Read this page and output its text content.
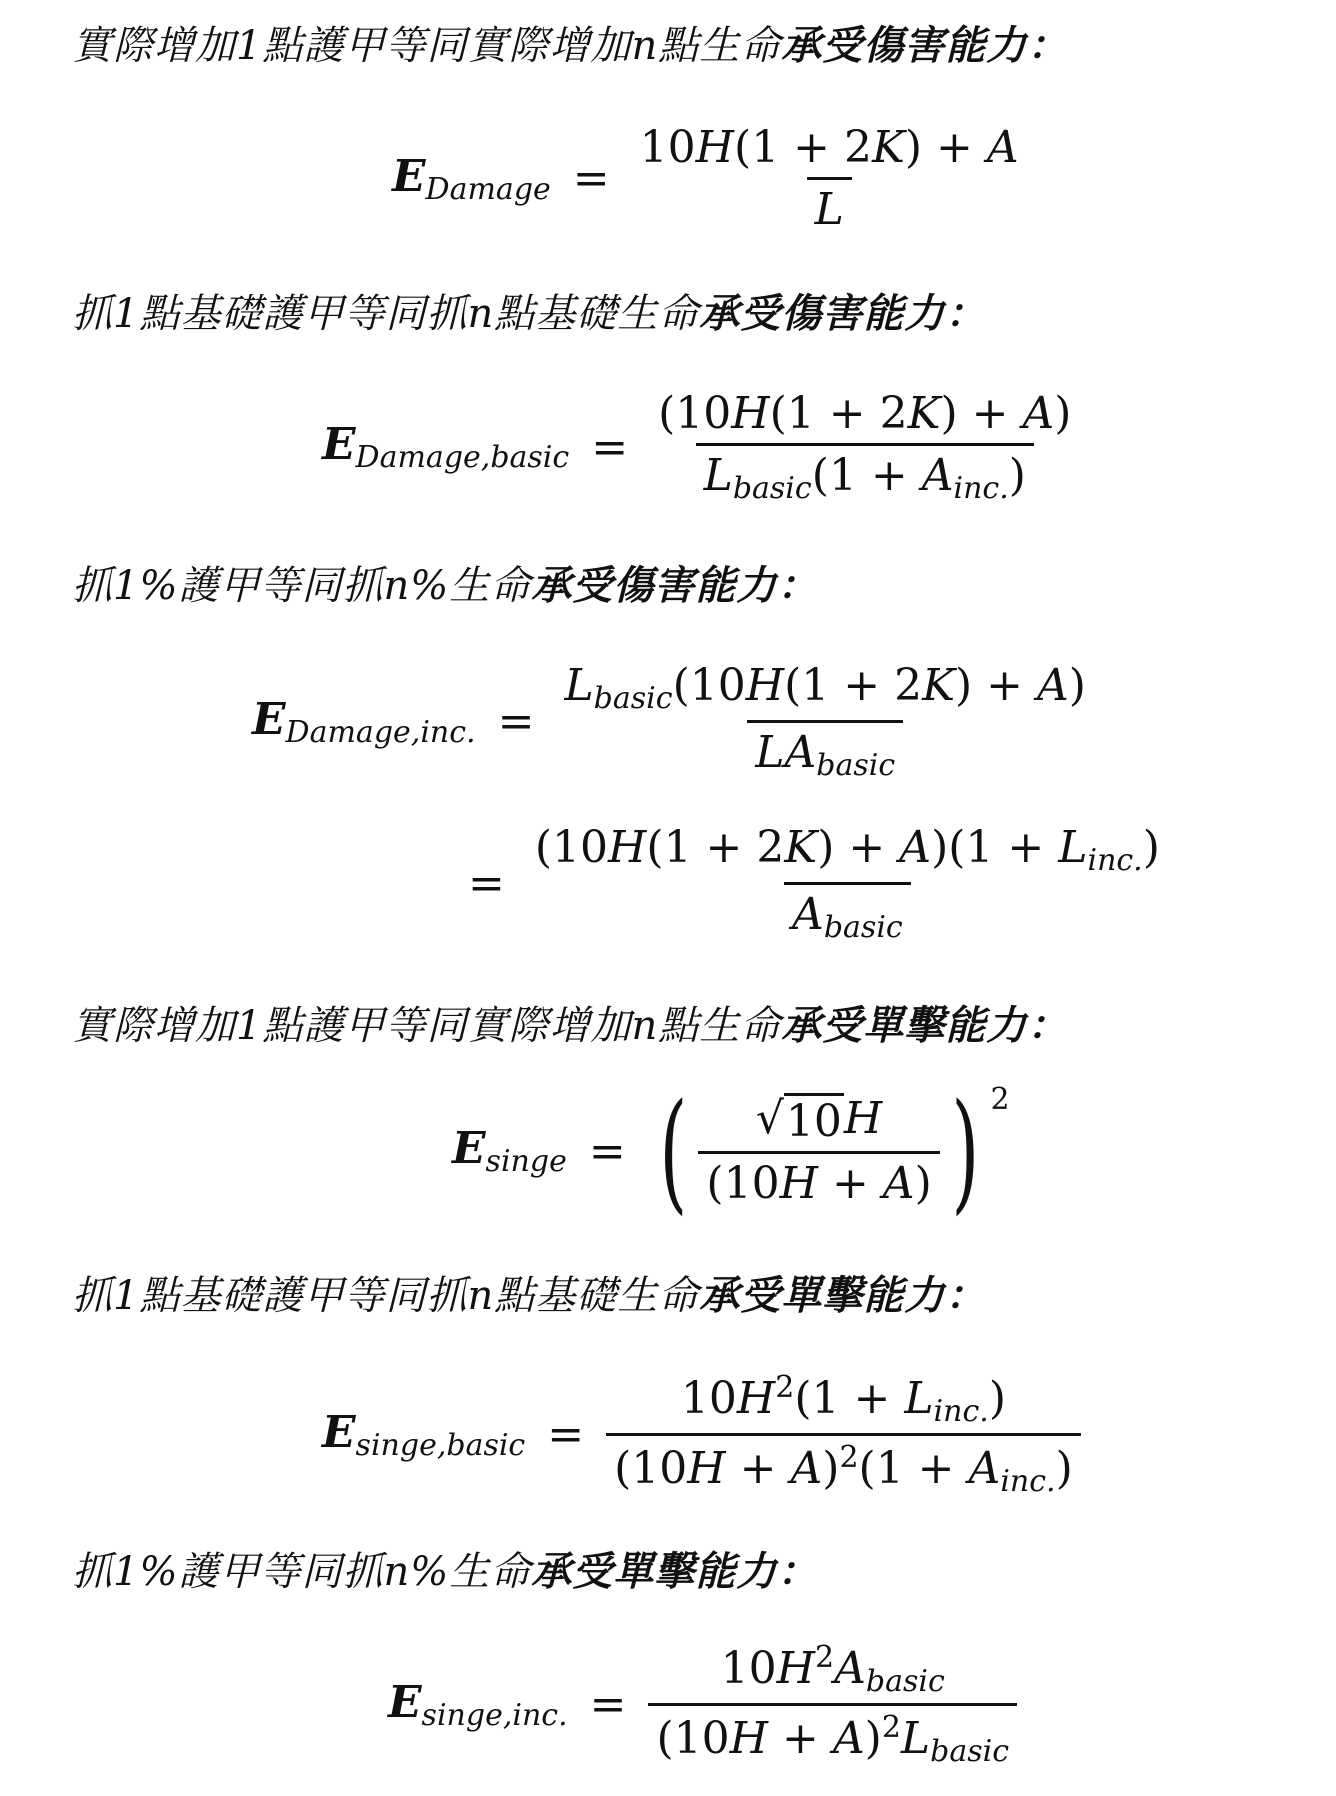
實際增加1點護甲等同實際增加n點生命承受傷害能力：
$E_{Damage} = \frac{10H(1 + 2K) + A}{L}$
抓1點基礎護甲等同抓n點基礎生命承受傷害能力：
$E_{Damage,basic} = \frac{(10H(1 + 2K) + A)}{L_{basic}(1 + A_{inc.})}$
抓1%護甲等同抓n%生命承受傷害能力：
$E_{Damage,inc.} = \frac{L_{basic}(10H(1 + 2K) + A)}{LA_{basic}}$
= $\frac{(10H(1 + 2K) + A)(1 + L_{inc.})}{A_{basic}}$
實際增加1點護甲等同實際增加n點生命承受單擊能力：
$E_{singe}$ = ( $\frac{√ 10 H}{(10H + A)}$ ) 2
抓1點基礎護甲等同抓n點基礎生命承受單擊能力：
$E_{singe,basic} = \frac{10H^2(1 + L_{inc.})}{(10H + A)^2(1 + A_{inc.})}$
抓1%護甲等同抓n%生命承受單擊能力：
$E_{singe,inc.} = \frac{10H^2A_{basic}}{(10H + A)^2L_{basic}}$
